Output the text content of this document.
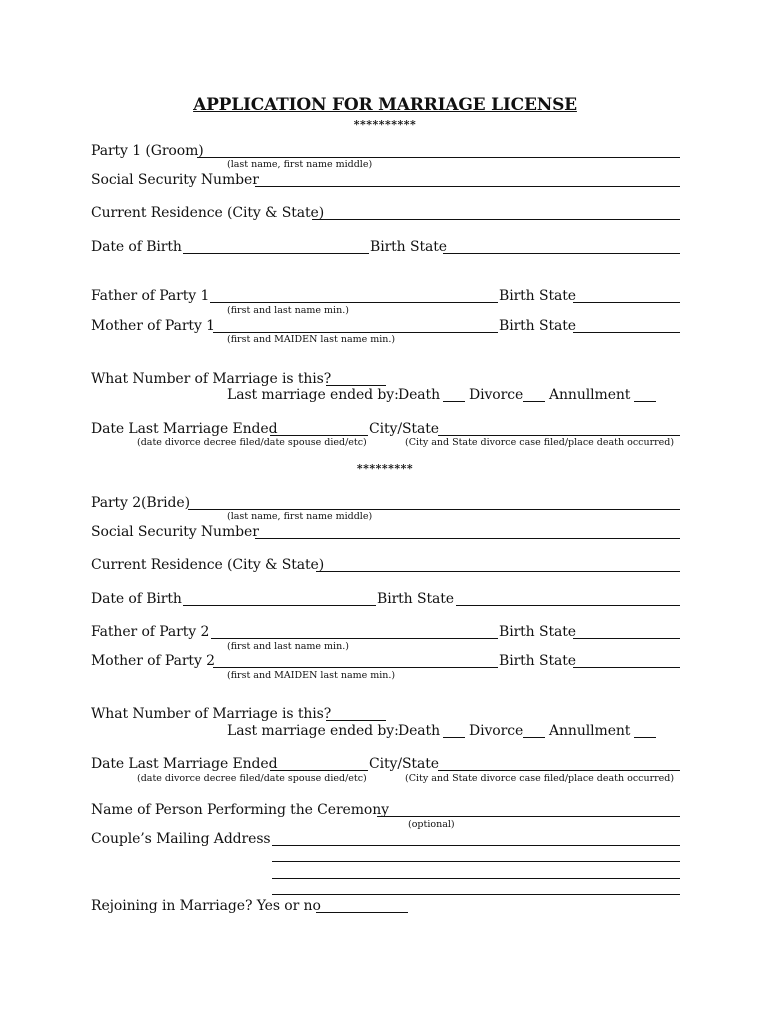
APPLICATION FOR MARRIAGE LICENSE
**********
Party 1 (Groom)
(last name, first name middle)
Social Security Number
Current Residence (City & State)
Date of Birth	Birth State
Father of Party 1	Birth State
(first and last name min.)
Mother of Party 1	Birth State
(first and MAIDEN last name min.)
What Number of Marriage is this?
Last marriage ended by: Death Divorce Annullment
Date Last Marriage Ended	City/State
(date divorce decree filed/date spouse died/etc)	(City and State divorce case filed/place death occurred)
*********
Party 2(Bride)
(last name, first name middle)
Social Security Number
Current Residence (City & State)
Date of Birth	Birth State
Father of Party 2	Birth State
(first and last name min.)
Mother of Party 2	Birth State
(first and MAIDEN last name min.)
What Number of Marriage is this?
Last marriage ended by: Death Divorce Annullment
Date Last Marriage Ended	City/State
(date divorce decree filed/date spouse died/etc)	(City and State divorce case filed/place death occurred)
Name of Person Performing the Ceremony
(optional)
Couple’s Mailing Address
Rejoining in Marriage? Yes or no
